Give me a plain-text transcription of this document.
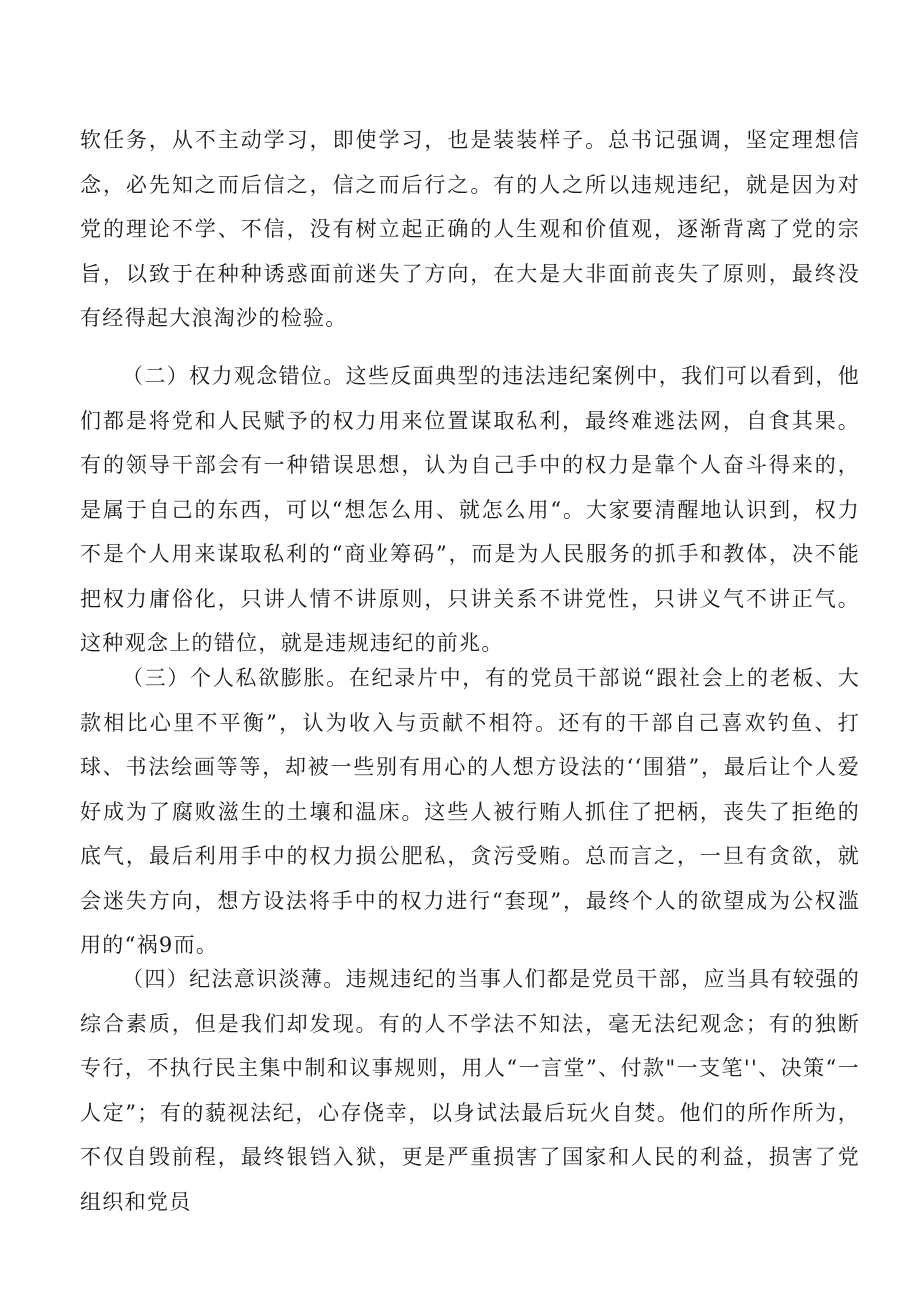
软任务，从不主动学习，即使学习，也是装装样子。总书记强调，坚定理想信念，必先知之而后信之，信之而后行之。有的人之所以违规违纪，就是因为对党的理论不学、不信，没有树立起正确的人生观和价值观，逐渐背离了党的宗旨，以致于在种种诱惑面前迷失了方向，在大是大非面前丧失了原则，最终没有经得起大浪淘沙的检验。

（二）权力观念错位。这些反面典型的违法违纪案例中，我们可以看到，他们都是将党和人民赋予的权力用来位置谋取私利，最终难逃法网，自食其果。有的领导干部会有一种错误思想，认为自己手中的权力是靠个人奋斗得来的，是属于自己的东西，可以“想怎么用、就怎么用“。大家要清醒地认识到，权力不是个人用来谋取私利的“商业筹码”，而是为人民服务的抓手和教体，决不能把权力庸俗化，只讲人情不讲原则，只讲关系不讲党性，只讲义气不讲正气。这种观念上的错位，就是违规违纪的前兆。

（三）个人私欲膨胀。在纪录片中，有的党员干部说“跟社会上的老板、大款相比心里不平衡”，认为收入与贡献不相符。还有的干部自己喜欢钓鱼、打球、书法绘画等等，却被一些别有用心的人想方设法的‘‘围猎”，最后让个人爱好成为了腐败滋生的土壤和温床。这些人被行贿人抓住了把柄，丧失了拒绝的底气，最后利用手中的权力损公肥私，贪污受贿。总而言之，一旦有贪欲，就会迷失方向，想方设法将手中的权力进行“套现”，最终个人的欲望成为公权滥用的“祸9而。

（四）纪法意识淡薄。违规违纪的当事人们都是党员干部，应当具有较强的综合素质，但是我们却发现。有的人不学法不知法，毫无法纪观念；有的独断专行，不执行民主集中制和议事规则，用人“一言堂”、付款"一支笔''、决策“一人定”；有的藐视法纪，心存侥幸，以身试法最后玩火自焚。他们的所作所为，不仅自毁前程，最终银铛入狱，更是严重损害了国家和人民的利益，损害了党组织和党员
